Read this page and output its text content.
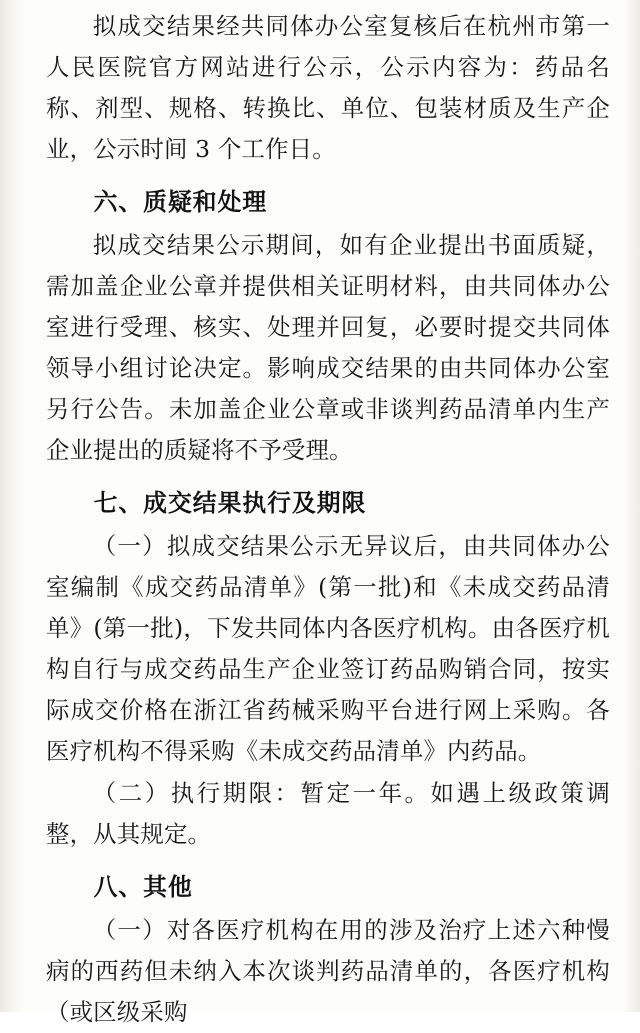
拟成交结果经共同体办公室复核后在杭州市第一人民医院官方网站进行公示，公示内容为：药品名称、剂型、规格、转换比、单位、包装材质及生产企业，公示时间 3 个工作日。

六、质疑和处理

拟成交结果公示期间，如有企业提出书面质疑，需加盖企业公章并提供相关证明材料，由共同体办公室进行受理、核实、处理并回复，必要时提交共同体领导小组讨论决定。影响成交结果的由共同体办公室另行公告。未加盖企业公章或非谈判药品清单内生产企业提出的质疑将不予受理。

七、成交结果执行及期限

（一）拟成交结果公示无异议后，由共同体办公室编制《成交药品清单》(第一批)和《未成交药品清单》(第一批)，下发共同体内各医疗机构。由各医疗机构自行与成交药品生产企业签订药品购销合同，按实际成交价格在浙江省药械采购平台进行网上采购。各医疗机构不得采购《未成交药品清单》内药品。

（二）执行期限：暂定一年。如遇上级政策调整，从其规定。

八、其他

（一）对各医疗机构在用的涉及治疗上述六种慢病的西药但未纳入本次谈判药品清单的，各医疗机构（或区级采购
